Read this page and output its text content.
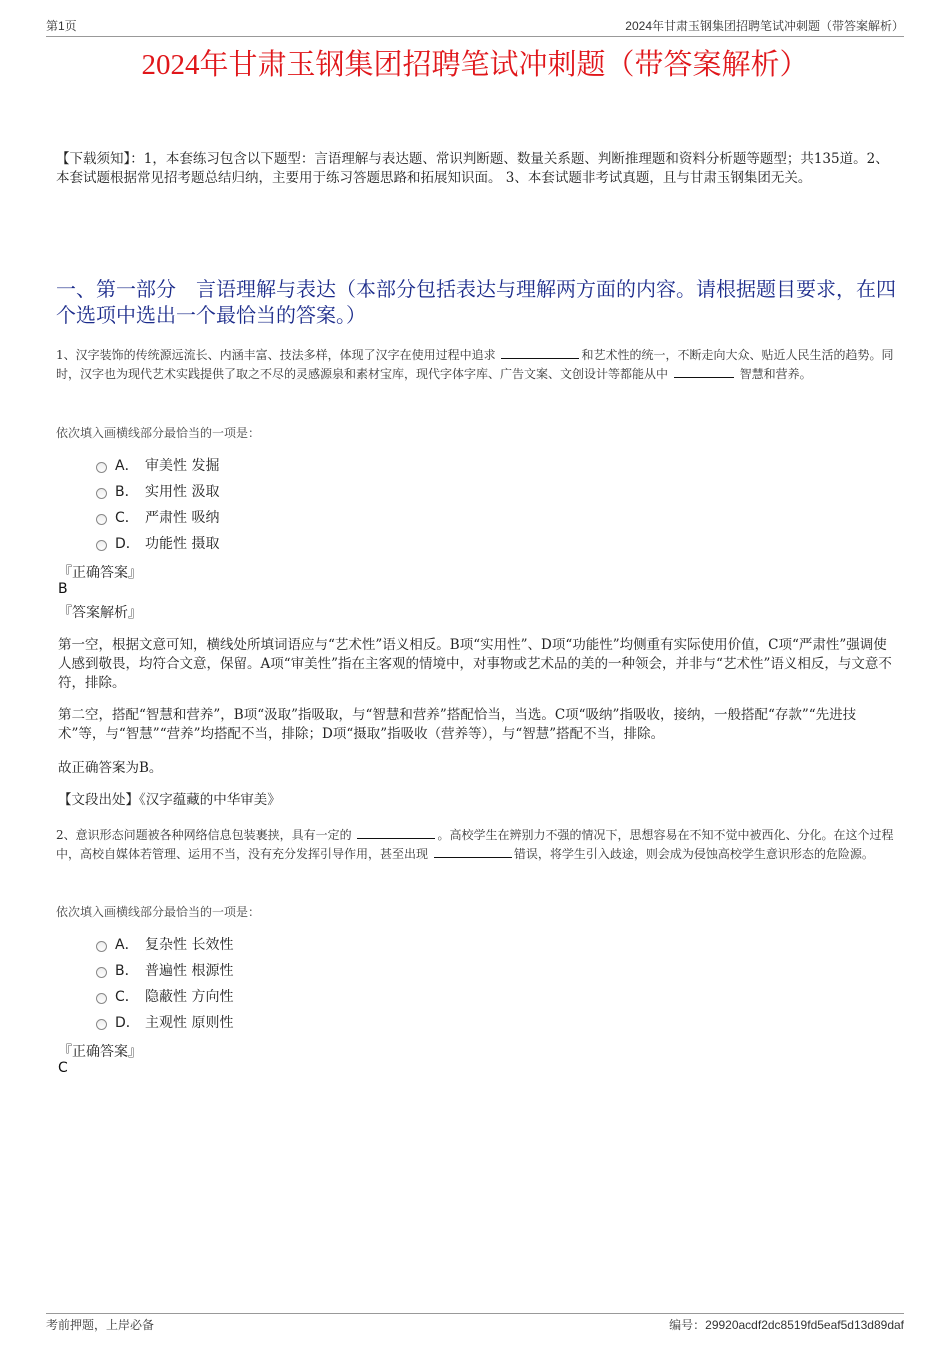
第1页	2024年甘肃玉钢集团招聘笔试冲刺题（带答案解析）
2024年甘肃玉钢集团招聘笔试冲刺题（带答案解析）
【下载须知】：1，本套练习包含以下题型：言语理解与表达题、常识判断题、数量关系题、判断推理题和资料分析题等题型；共135道。2、本套试题根据常见招考题总结归纳，主要用于练习答题思路和拓展知识面。 3、本套试题非考试真题，且与甘肃玉钢集团无关。
一、第一部分　言语理解与表达（本部分包括表达与理解两方面的内容。请根据题目要求，在四个选项中选出一个最恰当的答案。）
1、汉字装饰的传统源远流长、内涵丰富、技法多样，体现了汉字在使用过程中追求	和艺术性的统一，不断走向大众、贴近人民生活的趋势。同时，汉字也为现代艺术实践提供了取之不尽的灵感源泉和素材宝库，现代字体字库、广告文案、文创设计等都能从中	智慧和营养。
依次填入画横线部分最恰当的一项是：
A． 审美性 发掘
B． 实用性 汲取
C． 严肃性 吸纳
D． 功能性 摄取
『正确答案』
B
『答案解析』
第一空，根据文意可知，横线处所填词语应与“艺术性”语义相反。B项“实用性”、D项“功能性”均侧重有实际使用价值，C项“严肃性”强调使人感到敬畏，均符合文意，保留。A项“审美性”指在主客观的情境中，对事物或艺术品的美的一种领会，并非与“艺术性”语义相反，与文意不符，排除。
第二空，搭配“智慧和营养”，B项“汲取”指吸取，与“智慧和营养”搭配恰当，当选。C项“吸纳”指吸收，接纳，一般搭配“存款”“先进技术”等，与“智慧”“营养”均搭配不当，排除；D项“摄取”指吸收（营养等），与“智慧”搭配不当，排除。
故正确答案为B。
【文段出处】《汉字蕴藏的中华审美》
2、意识形态问题被各种网络信息包装裹挟，具有一定的	。高校学生在辨别力不强的情况下，思想容易在不知不觉中被西化、分化。在这个过程中，高校自媒体若管理、运用不当，没有充分发挥引导作用，甚至出现	错误，将学生引入歧途，则会成为侵蚀高校学生意识形态的危险源。
依次填入画横线部分最恰当的一项是：
A． 复杂性 长效性
B． 普遍性 根源性
C． 隐蔽性 方向性
D． 主观性 原则性
『正确答案』
C
考前押题，上岸必备	编号：29920acdf2dc8519fd5eaf5d13d89daf
